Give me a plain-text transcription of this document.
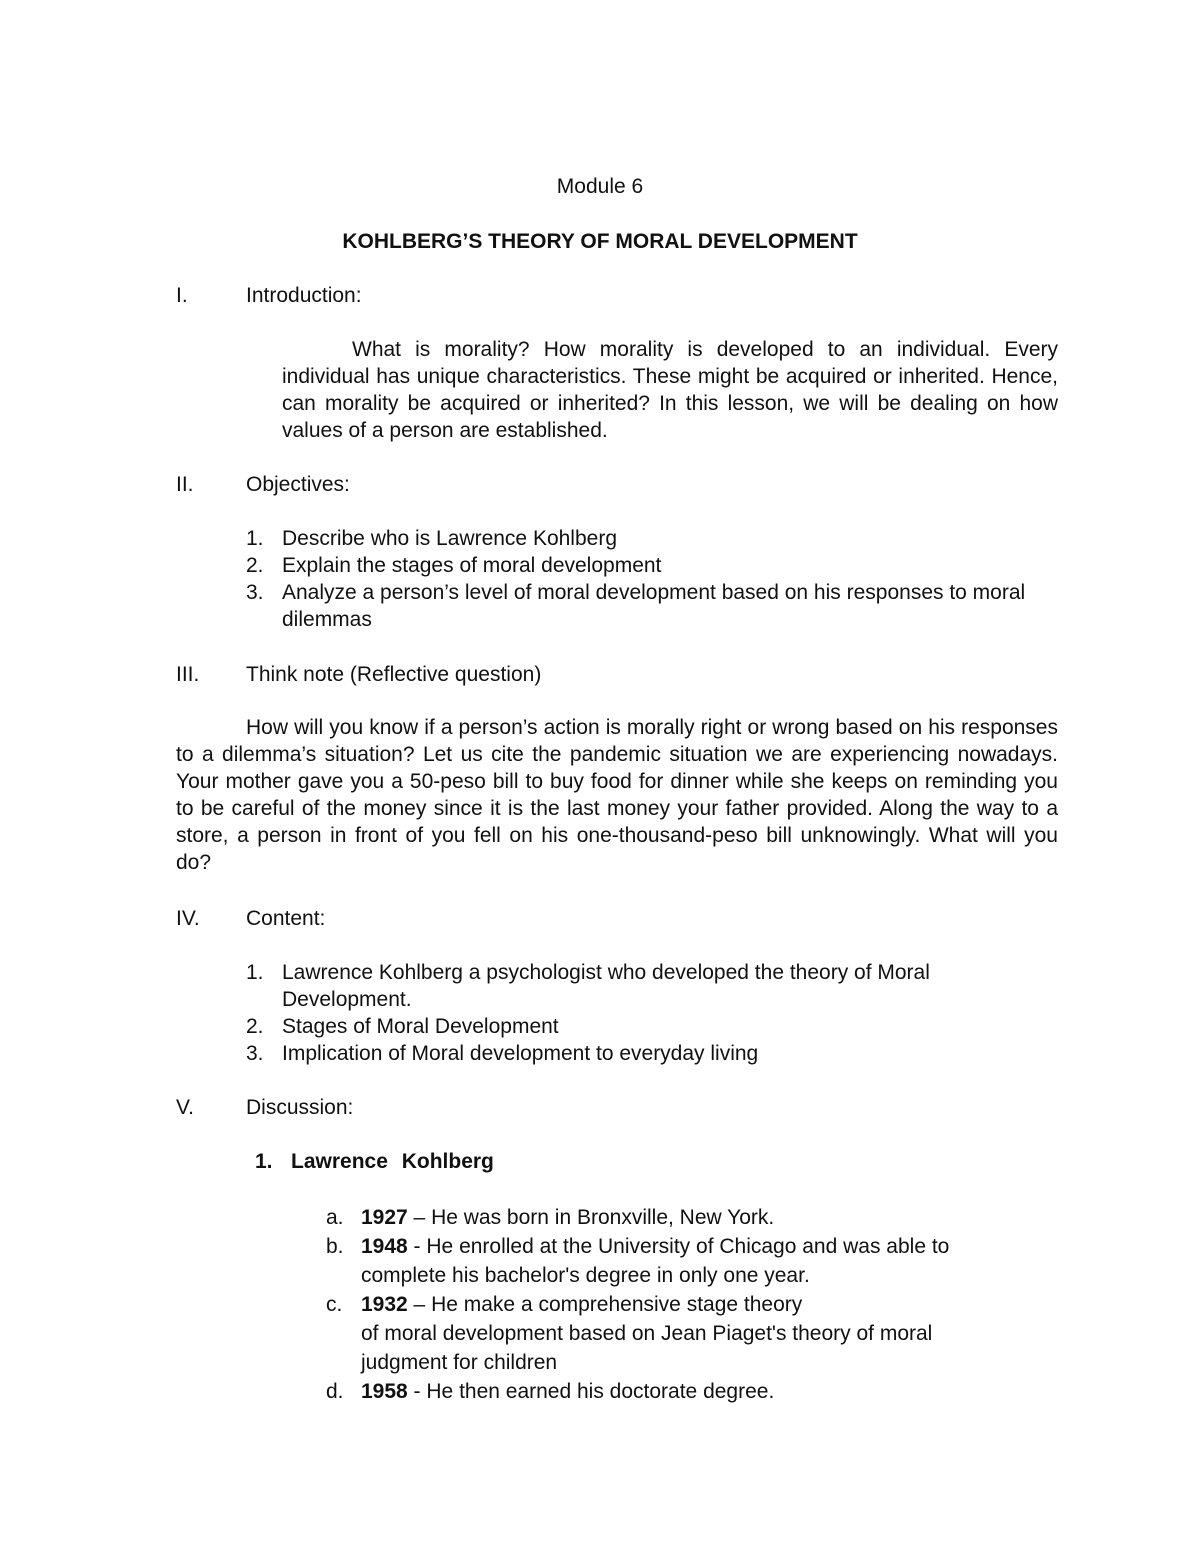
Module 6
KOHLBERG’S THEORY OF MORAL DEVELOPMENT
I.	Introduction:
What is morality? How morality is developed to an individual. Every individual has unique characteristics. These might be acquired or inherited. Hence, can morality be acquired or inherited? In this lesson, we will be dealing on how values of a person are established.
II. Objectives:
1. Describe who is Lawrence Kohlberg
2. Explain the stages of moral development
3. Analyze a person’s level of moral development based on his responses to moral dilemmas
III. Think note (Reflective question)
How will you know if a person’s action is morally right or wrong based on his responses to a dilemma’s situation? Let us cite the pandemic situation we are experiencing nowadays. Your mother gave you a 50-peso bill to buy food for dinner while she keeps on reminding you to be careful of the money since it is the last money your father provided. Along the way to a store, a person in front of you fell on his one-thousand-peso bill unknowingly. What will you do?
IV. Content:
1. Lawrence Kohlberg a psychologist who developed the theory of Moral Development.
2. Stages of Moral Development
3. Implication of Moral development to everyday living
V. Discussion:
1. Lawrence Kohlberg
a. 1927 – He was born in Bronxville, New York.
b. 1948 - He enrolled at the University of Chicago and was able to complete his bachelor's degree in only one year.
c. 1932 – He make a comprehensive stage theory
of moral development based on Jean Piaget's theory of moral judgment for children
d. 1958 - He then earned his doctorate degree.
